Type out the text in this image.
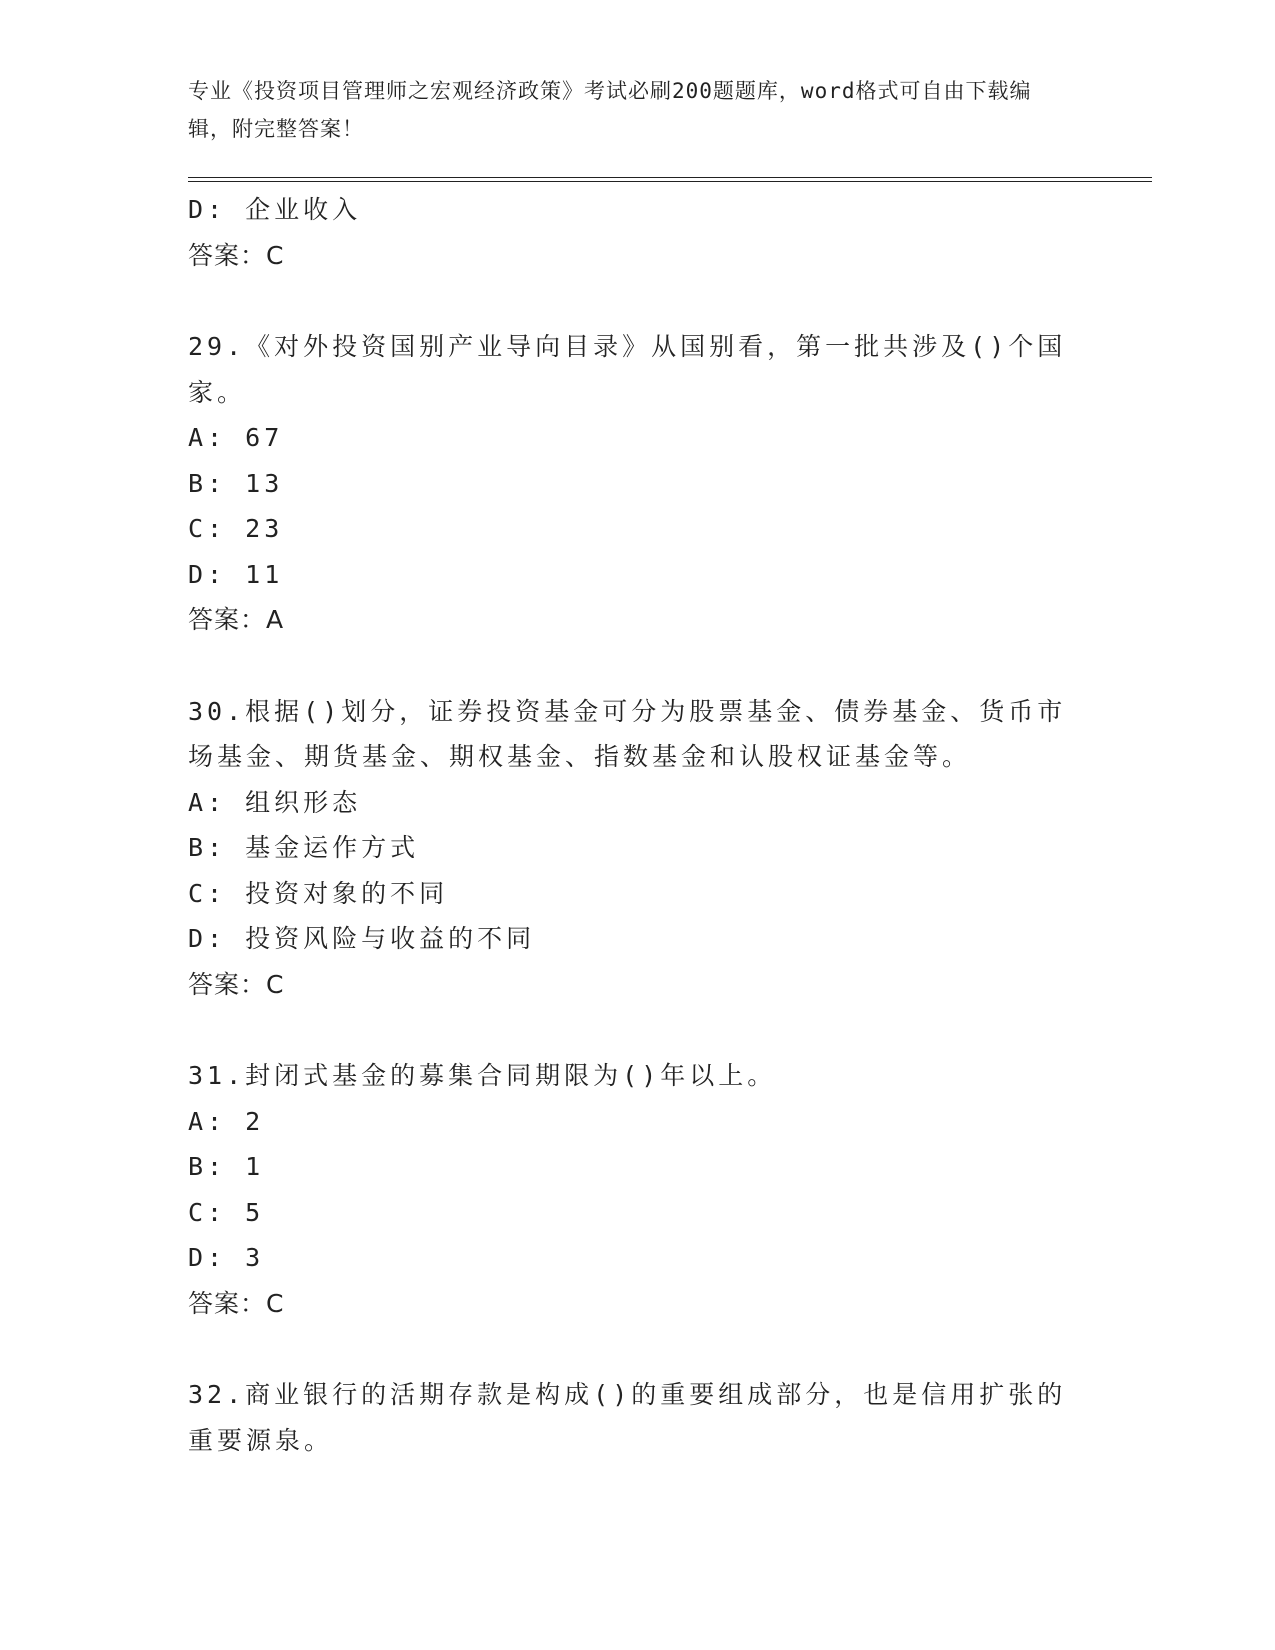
专业《投资项目管理师之宏观经济政策》考试必刷200题题库，word格式可自由下载编辑，附完整答案！
D: 企业收入
答案：C
29.《对外投资国别产业导向目录》从国别看，第一批共涉及()个国家。
A: 67
B: 13
C: 23
D: 11
答案：A
30.根据()划分，证券投资基金可分为股票基金、债券基金、货币市场基金、期货基金、期权基金、指数基金和认股权证基金等。
A: 组织形态
B: 基金运作方式
C: 投资对象的不同
D: 投资风险与收益的不同
答案：C
31.封闭式基金的募集合同期限为()年以上。
A: 2
B: 1
C: 5
D: 3
答案：C
32.商业银行的活期存款是构成()的重要组成部分，也是信用扩张的重要源泉。
